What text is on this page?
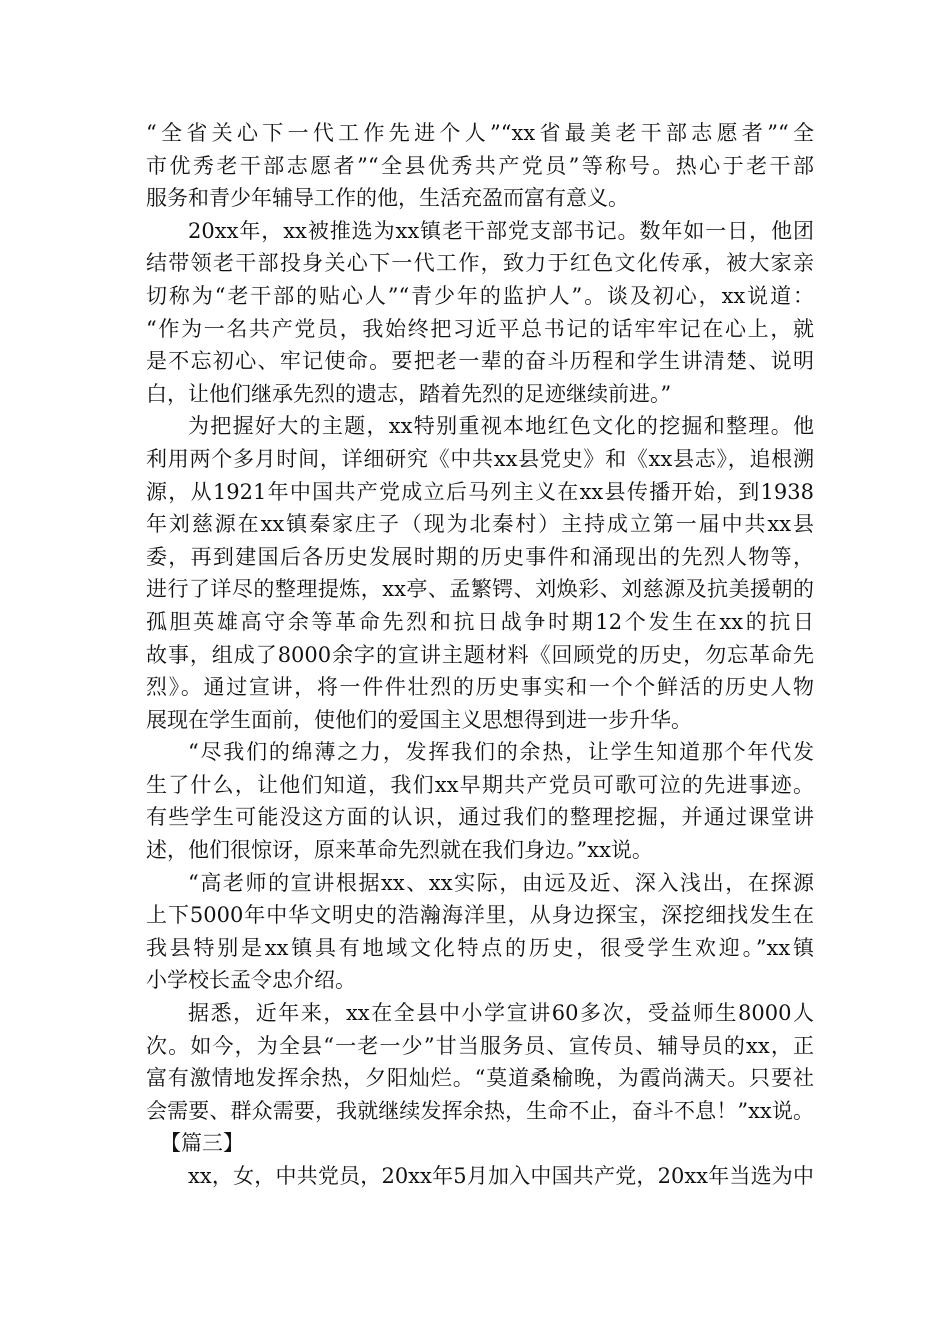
“全省关心下一代工作先进个人”“xx省最美老干部志愿者”“全
市优秀老干部志愿者”“全县优秀共产党员”等称号。热心于老干部
服务和青少年辅导工作的他，生活充盈而富有意义。
20xx年，xx被推选为xx镇老干部党支部书记。数年如一日，他团
结带领老干部投身关心下一代工作，致力于红色文化传承，被大家亲
切称为“老干部的贴心人”“青少年的监护人”。谈及初心，xx说道：
“作为一名共产党员，我始终把习近平总书记的话牢牢记在心上，就
是不忘初心、牢记使命。要把老一辈的奋斗历程和学生讲清楚、说明
白，让他们继承先烈的遗志，踏着先烈的足迹继续前进。”
为把握好大的主题，xx特别重视本地红色文化的挖掘和整理。他
利用两个多月时间，详细研究《中共xx县党史》和《xx县志》，追根溯
源，从1921年中国共产党成立后马列主义在xx县传播开始，到1938
年刘慈源在xx镇秦家庄子（现为北秦村）主持成立第一届中共xx县
委，再到建国后各历史发展时期的历史事件和涌现出的先烈人物等，
进行了详尽的整理提炼，xx亭、孟繁锷、刘焕彩、刘慈源及抗美援朝的
孤胆英雄高守余等革命先烈和抗日战争时期12个发生在xx的抗日
故事，组成了8000余字的宣讲主题材料《回顾党的历史，勿忘革命先
烈》。通过宣讲，将一件件壮烈的历史事实和一个个鲜活的历史人物
展现在学生面前，使他们的爱国主义思想得到进一步升华。
“尽我们的绵薄之力，发挥我们的余热，让学生知道那个年代发
生了什么，让他们知道，我们xx早期共产党员可歌可泣的先进事迹。
有些学生可能没这方面的认识，通过我们的整理挖掘，并通过课堂讲
述，他们很惊讶，原来革命先烈就在我们身边。”xx说。
“高老师的宣讲根据xx、xx实际，由远及近、深入浅出，在探源
上下5000年中华文明史的浩瀚海洋里，从身边探宝，深挖细找发生在
我县特别是xx镇具有地域文化特点的历史，很受学生欢迎。”xx镇
小学校长孟令忠介绍。
据悉，近年来，xx在全县中小学宣讲60多次，受益师生8000人
次。如今，为全县“一老一少”甘当服务员、宣传员、辅导员的xx，正
富有激情地发挥余热，夕阳灿烂。“莫道桑榆晚，为霞尚满天。只要社
会需要、群众需要，我就继续发挥余热，生命不止，奋斗不息！”xx说。
【篇三】
xx，女，中共党员，20xx年5月加入中国共产党，20xx年当选为中
